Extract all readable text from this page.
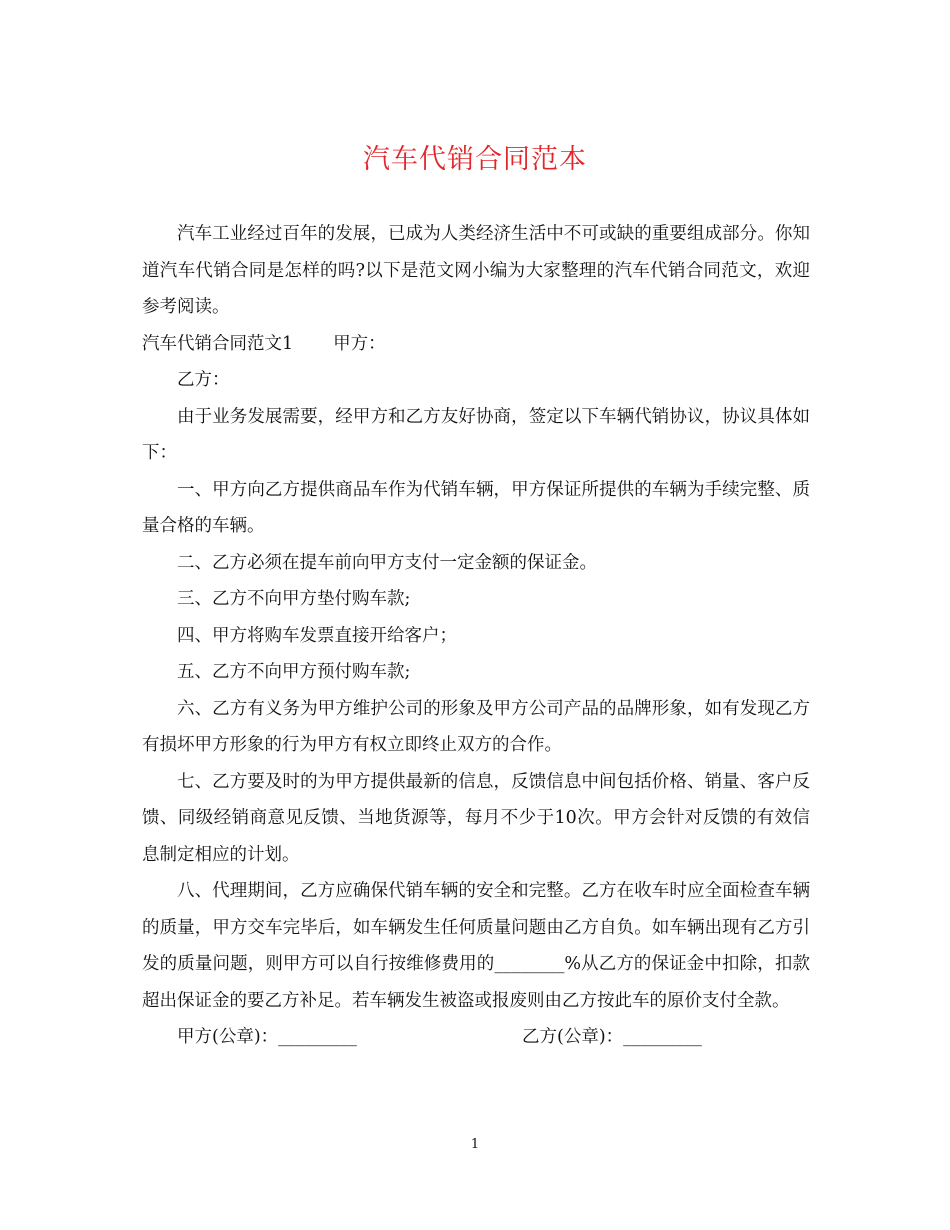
汽车代销合同范本

汽车工业经过百年的发展，已成为人类经济生活中不可或缺的重要组成部分。你知道汽车代销合同是怎样的吗?以下是范文网小编为大家整理的汽车代销合同范文，欢迎参考阅读。

汽车代销合同范文1 甲方：

乙方：

由于业务发展需要，经甲方和乙方友好协商，签定以下车辆代销协议，协议具体如下：

一、甲方向乙方提供商品车作为代销车辆，甲方保证所提供的车辆为手续完整、质量合格的车辆。

二、乙方必须在提车前向甲方支付一定金额的保证金。

三、乙方不向甲方垫付购车款;

四、甲方将购车发票直接开给客户；

五、乙方不向甲方预付购车款;

六、乙方有义务为甲方维护公司的形象及甲方公司产品的品牌形象，如有发现乙方有损坏甲方形象的行为甲方有权立即终止双方的合作。

七、乙方要及时的为甲方提供最新的信息，反馈信息中间包括价格、销量、客户反馈、同级经销商意见反馈、当地货源等，每月不少于10次。甲方会针对反馈的有效信息制定相应的计划。

八、代理期间，乙方应确保代销车辆的安全和完整。乙方在收车时应全面检查车辆的质量，甲方交车完毕后，如车辆发生任何质量问题由乙方自负。如车辆出现有乙方引发的质量问题，则甲方可以自行按维修费用的________%从乙方的保证金中扣除，扣款超出保证金的要乙方补足。若车辆发生被盗或报废则由乙方按此车的原价支付全款。

甲方(公章)：_________	乙方(公章)：_________
1
